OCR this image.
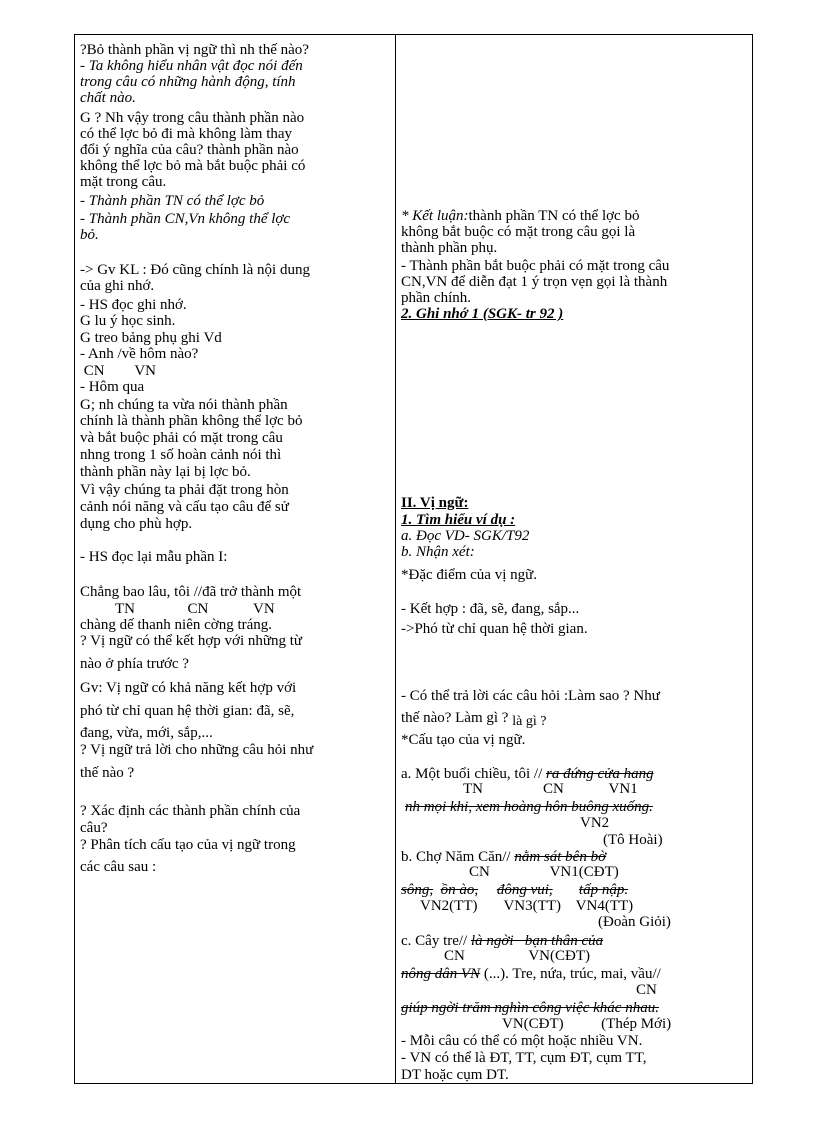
?Bỏ thành phần vị ngữ thì nh thế nào?
- Ta không hiểu nhân vật đọc nói đến
trong câu có những hành động, tính
chất nào.
G ? Nh vậy trong câu thành phần nào
có thể lợc bỏ đi mà không làm thay
đổi ý nghĩa của câu? thành phần nào
không thể lợc bỏ mà bắt buộc phải có
mặt trong câu.
- Thành phần TN có thể lợc bỏ
- Thành phần CN,Vn không thể lợc
bỏ.
-> Gv KL : Đó cũng chính là nội dung
của ghi nhớ.
- HS đọc ghi nhớ.
G lu ý học sinh.
G treo bảng phụ ghi Vd
- Anh /về hôm nào?
CN        VN
- Hôm qua
G; nh chúng ta vừa nói thành phần
chính là thành phần không thể lợc bỏ
và bắt buộc phải có mặt trong câu
nhng trong 1 số hoàn cảnh nói thì
thành phần này lại bị lợc bỏ.
Vì vậy chúng ta phải đặt trong hòn
cảnh nói năng và cấu tạo câu để sử
dụng cho phù hợp.
- HS đọc lại mẫu phần I:
Chẳng bao lâu, tôi //đã trở thành một
TN              CN            VN
chàng dế thanh niên cờng tráng.
? Vị ngữ có thể kết hợp với những từ
nào ở phía trước ?
Gv: Vị ngữ có khả năng kết hợp với
phó từ chỉ quan hệ thời gian: đã, sẽ,
đang, vừa, mới, sắp,...
? Vị ngữ trả lời cho những câu hỏi như
thế nào ?
? Xác định các thành phần chính của
câu?
? Phân tích cấu tạo của vị ngữ trong
các câu sau :
* Kết luận:thành phần TN có thể lợc bỏ
không bắt buộc có mặt trong câu gọi là
thành phần phụ.
- Thành phần bắt buộc phải có mặt trong câu
CN,VN để diễn đạt 1 ý trọn vẹn gọi là thành
phần chính.
2. Ghi nhớ 1 (SGK- tr 92 )
II. Vị ngữ:
1. Tìm hiểu ví dụ :
a. Đọc VD- SGK/T92
b. Nhận xét:
*Đặc điểm của vị ngữ.
- Kết hợp : đã, sẽ, đang, sắp...
->Phó từ chỉ quan hệ thời gian.
- Có thể trả lời các câu hỏi :Làm sao ? Như
thế nào? Làm gì ? là gì ?
*Cấu tạo của vị ngữ.
a. Một buổi chiều, tôi // ra đứng cửa hang
TN                CN            VN1
nh mọi khi, xem hoàng hôn buông xuống.
VN2
(Tô Hoài)
b. Chợ Năm Căn// nằm sát bên bờ
CN                VN1(CĐT)
sông, ồn ào, đông vui, tấp nập.
VN2(TT)       VN3(TT)    VN4(TT)
(Đoàn Giỏi)
c. Cây tre// là ngời   bạn thân của
CN                 VN(CĐT)
nông dân VN (...). Tre, nứa, trúc, mai, vầu//
CN
giúp ngời trăm nghìn công việc khác nhau.
VN(CĐT)          (Thép Mới)
- Mỗi câu có thể có một hoặc nhiều VN.
- VN có thể là ĐT, TT, cụm ĐT, cụm TT,
DT hoặc cụm DT.
